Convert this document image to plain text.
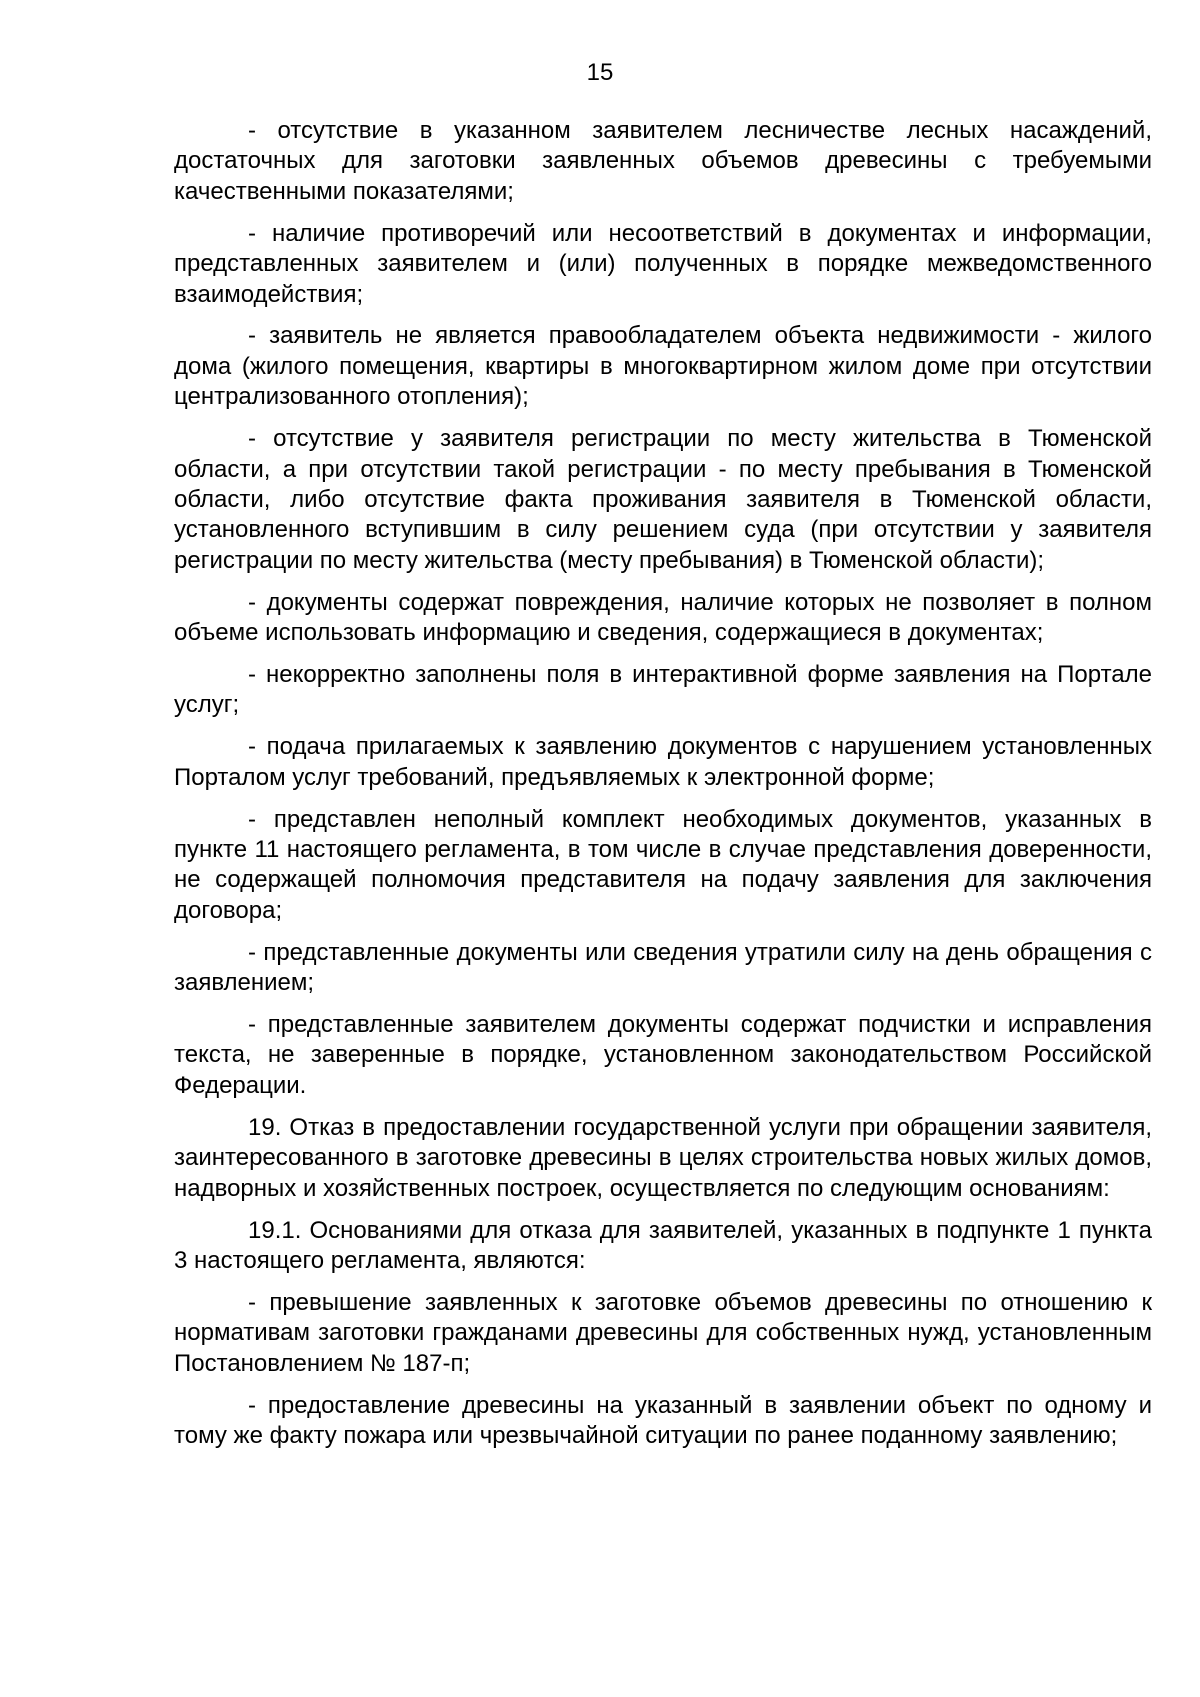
15

- отсутствие в указанном заявителем лесничестве лесных насаждений, достаточных для заготовки заявленных объемов древесины с требуемыми качественными показателями;

- наличие противоречий или несоответствий в документах и информации, представленных заявителем и (или) полученных в порядке межведомственного взаимодействия;

- заявитель не является правообладателем объекта недвижимости - жилого дома (жилого помещения, квартиры в многоквартирном жилом доме при отсутствии централизованного отопления);

- отсутствие у заявителя регистрации по месту жительства в Тюменской области, а при отсутствии такой регистрации - по месту пребывания в Тюменской области, либо отсутствие факта проживания заявителя в Тюменской области, установленного вступившим в силу решением суда (при отсутствии у заявителя регистрации по месту жительства (месту пребывания) в Тюменской области);

- документы содержат повреждения, наличие которых не позволяет в полном объеме использовать информацию и сведения, содержащиеся в документах;

- некорректно заполнены поля в интерактивной форме заявления на Портале услуг;

- подача прилагаемых к заявлению документов с нарушением установленных Порталом услуг требований, предъявляемых к электронной форме;

- представлен неполный комплект необходимых документов, указанных в пункте 11 настоящего регламента, в том числе в случае представления доверенности, не содержащей полномочия представителя на подачу заявления для заключения договора;

- представленные документы или сведения утратили силу на день обращения с заявлением;

- представленные заявителем документы содержат подчистки и исправления текста, не заверенные в порядке, установленном законодательством Российской Федерации.

19. Отказ в предоставлении государственной услуги при обращении заявителя, заинтересованного в заготовке древесины в целях строительства новых жилых домов, надворных и хозяйственных построек, осуществляется по следующим основаниям:

19.1. Основаниями для отказа для заявителей, указанных в подпункте 1 пункта 3 настоящего регламента, являются:

- превышение заявленных к заготовке объемов древесины по отношению к нормативам заготовки гражданами древесины для собственных нужд, установленным Постановлением № 187-п;

- предоставление древесины на указанный в заявлении объект по одному и тому же факту пожара или чрезвычайной ситуации по ранее поданному заявлению;
